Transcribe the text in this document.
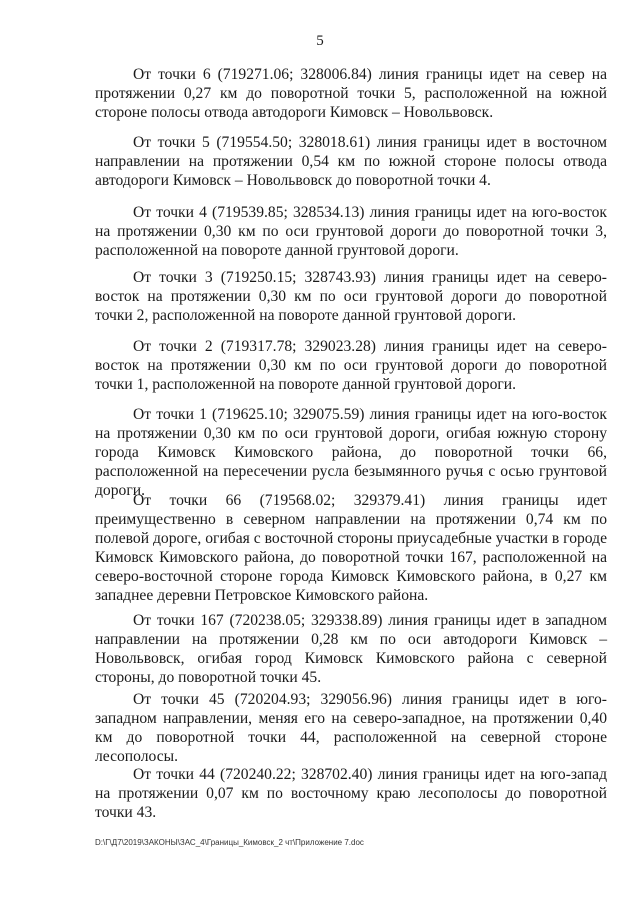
5

От точки 6 (719271.06; 328006.84) линия границы идет на север на протяжении 0,27 км до поворотной точки 5, расположенной на южной стороне полосы отвода автодороги Кимовск – Новольвовск.

От точки 5 (719554.50; 328018.61) линия границы идет в восточном направлении на протяжении 0,54 км по южной стороне полосы отвода автодороги Кимовск – Новольвовск до поворотной точки 4.

От точки 4 (719539.85; 328534.13) линия границы идет на юго-восток на протяжении 0,30 км по оси грунтовой дороги до поворотной точки 3, расположенной на повороте данной грунтовой дороги.

От точки 3 (719250.15; 328743.93) линия границы идет на северо-восток на протяжении 0,30 км по оси грунтовой дороги до поворотной точки 2, расположенной на повороте данной грунтовой дороги.

От точки 2 (719317.78; 329023.28) линия границы идет на северо-восток на протяжении 0,30 км по оси грунтовой дороги до поворотной точки 1, расположенной на повороте данной грунтовой дороги.

От точки 1 (719625.10; 329075.59) линия границы идет на юго-восток на протяжении 0,30 км по оси грунтовой дороги, огибая южную сторону города Кимовск Кимовского района, до поворотной точки 66, расположенной на пересечении русла безымянного ручья с осью грунтовой дороги.

От точки 66 (719568.02; 329379.41) линия границы идет преимущественно в северном направлении на протяжении 0,74 км по полевой дороге, огибая с восточной стороны приусадебные участки в городе Кимовск Кимовского района, до поворотной точки 167, расположенной на северо-восточной стороне города Кимовск Кимовского района, в 0,27 км западнее деревни Петровское Кимовского района.

От точки 167 (720238.05; 329338.89) линия границы идет в западном направлении на протяжении 0,28 км по оси автодороги Кимовск – Новольвовск, огибая город Кимовск Кимовского района с северной стороны, до поворотной точки 45.

От точки 45 (720204.93; 329056.96) линия границы идет в юго-западном направлении, меняя его на северо-западное, на протяжении 0,40 км до поворотной точки 44, расположенной на северной стороне лесополосы.

От точки 44 (720240.22; 328702.40) линия границы идет на юго-запад на протяжении 0,07 км по восточному краю лесополосы до поворотной точки 43.

D:\Г\Д7\2019\ЗАКОНЫ\ЗАС_4\Границы_Кимовск_2 чт\Приложение 7.doc
